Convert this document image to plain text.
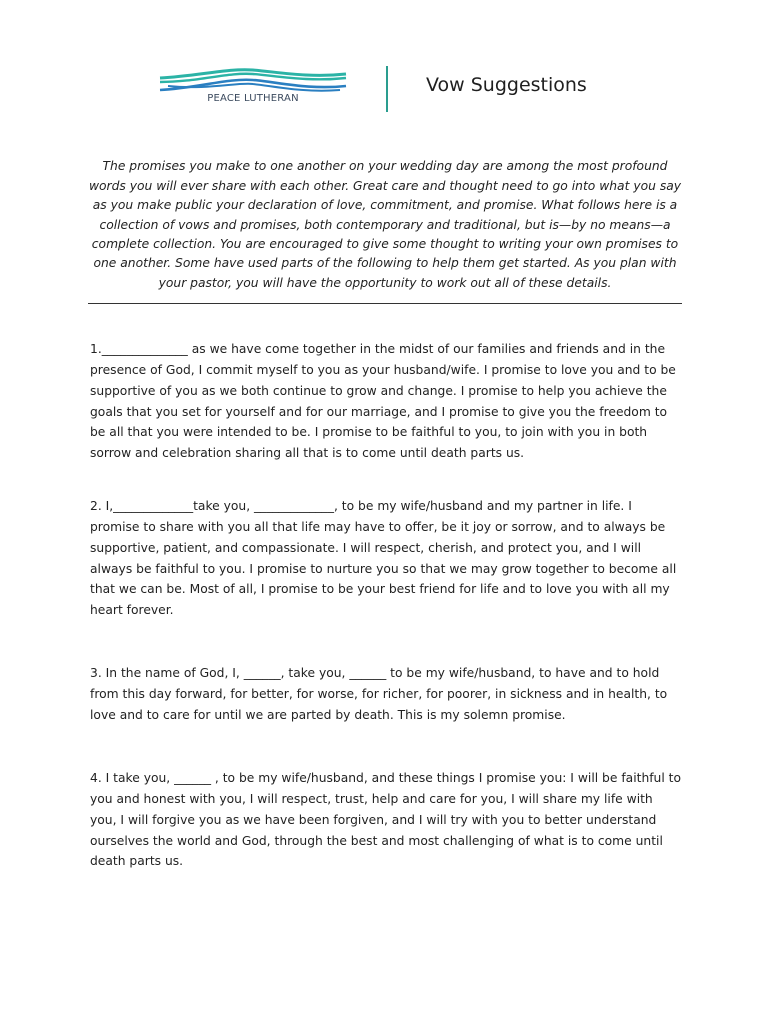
PEACE LUTHERAN
Vow Suggestions

The promises you make to one another on your wedding day are among the most profound words you will ever share with each other. Great care and thought need to go into what you say as you make public your declaration of love, commitment, and promise. What follows here is a collection of vows and promises, both contemporary and traditional, but is—by no means—a complete collection. You are encouraged to give some thought to writing your own promises to one another. Some have used parts of the following to help them get started. As you plan with your pastor, you will have the opportunity to work out all of these details.

1.______________ as we have come together in the midst of our families and friends and in the presence of God, I commit myself to you as your husband/wife. I promise to love you and to be supportive of you as we both continue to grow and change. I promise to help you achieve the goals that you set for yourself and for our marriage, and I promise to give you the freedom to be all that you were intended to be. I promise to be faithful to you, to join with you in both sorrow and celebration sharing all that is to come until death parts us.

2. I,_____________take you, _____________, to be my wife/husband and my partner in life. I promise to share with you all that life may have to offer, be it joy or sorrow, and to always be supportive, patient, and compassionate. I will respect, cherish, and protect you, and I will always be faithful to you. I promise to nurture you so that we may grow together to become all that we can be. Most of all, I promise to be your best friend for life and to love you with all my heart forever.

3. In the name of God, I, ______, take you, ______ to be my wife/husband, to have and to hold from this day forward, for better, for worse, for richer, for poorer, in sickness and in health, to love and to care for until we are parted by death. This is my solemn promise.

4. I take you, ______ , to be my wife/husband, and these things I promise you: I will be faithful to you and honest with you, I will respect, trust, help and care for you, I will share my life with you, I will forgive you as we have been forgiven, and I will try with you to better understand ourselves the world and God, through the best and most challenging of what is to come until death parts us.
